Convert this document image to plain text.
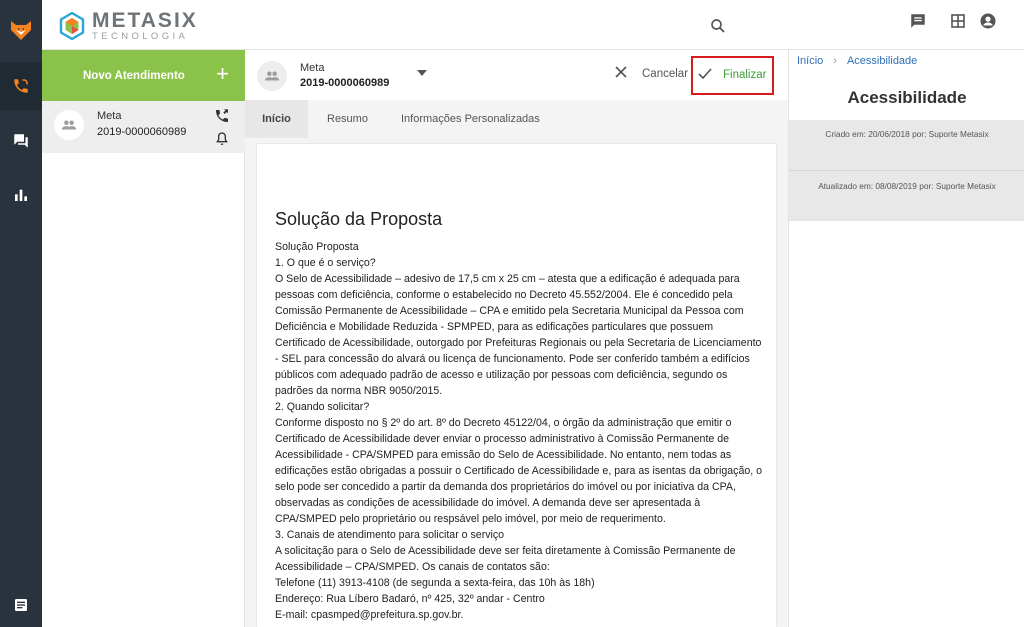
METASIX
TECNOLOGIA
Novo Atendimento +
Meta
2019-0000060989
Meta
2019-0000060989
Cancelar	Finalizar
Início	Resumo	Informações Personalizadas
Solução da Proposta

Solução Proposta

1. O que é o serviço?

O Selo de Acessibilidade – adesivo de 17,5 cm x 25 cm – atesta que a edificação é adequada para pessoas com deficiência, conforme o estabelecido no Decreto 45.552/2004. Ele é concedido pela Comissão Permanente de Acessibilidade – CPA e emitido pela Secretaria Municipal da Pessoa com Deficiência e Mobilidade Reduzida - SPMPED, para as edificações particulares que possuem Certificado de Acessibilidade, outorgado por Prefeituras Regionais ou pela Secretaria de Licenciamento - SEL para concessão do alvará ou licença de funcionamento. Pode ser conferido também a edifícios públicos com adequado padrão de acesso e utilização por pessoas com deficiência, segundo os padrões da norma NBR 9050/2015.

2. Quando solicitar?

Conforme disposto no § 2º do art. 8º do Decreto 45122/04, o órgão da administração que emitir o Certificado de Acessibilidade dever enviar o processo administrativo à Comissão Permanente de Acessibilidade - CPA/SMPED para emissão do Selo de Acessibilidade. No entanto, nem todas as edificações estão obrigadas a possuir o Certificado de Acessibilidade e, para as isentas da obrigação, o selo pode ser concedido a partir da demanda dos proprietários do imóvel ou por iniciativa da CPA, observadas as condições de acessibilidade do imóvel. A demanda deve ser apresentada à CPA/SMPED pelo proprietário ou respsável pelo imóvel, por meio de requerimento.

3. Canais de atendimento para solicitar o serviço

A solicitação para o Selo de Acessibilidade deve ser feita diretamente à Comissão Permanente de Acessibilidade – CPA/SMPED. Os canais de contatos são:

Telefone (11) 3913-4108 (de segunda a sexta-feira, das 10h às 18h)

Endereço: Rua Líbero Badaró, nº 425, 32º andar - Centro

E-mail: cpasmped@prefeitura.sp.gov.br.

Início › Acessibilidade
Acessibilidade
Criado em: 20/06/2018 por: Suporte Metasix
Atualizado em: 08/08/2019 por: Suporte Metasix
